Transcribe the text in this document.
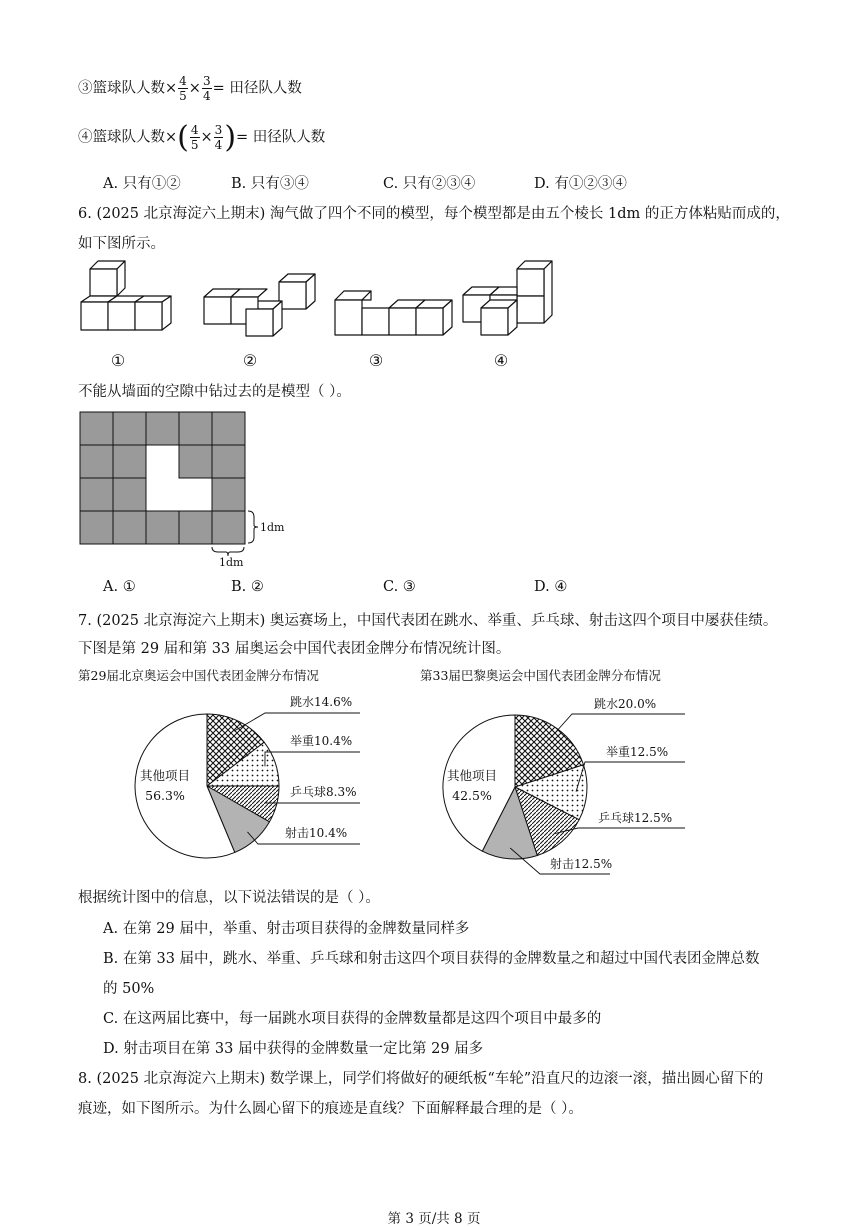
③篮球队人数× $\frac{4}{5} \times \frac{3}{4}$ = 田径队人数
④篮球队人数×( $\frac{4}{5} \times \frac{3}{4}$ )= 田径队人数
A. 只有①②	B. 只有③④	C. 只有②③④	D. 有①②③④
6. (2025 北京海淀六上期末) 淘气做了四个不同的模型，每个模型都是由五个棱长 1dm 的正方体粘贴而成的，
如下图所示。
①	②	③	④
不能从墙面的空隙中钻过去的是模型（ ）。
1dm
1dm
A. ①	B. ②	C. ③	D. ④
7. (2025 北京海淀六上期末) 奥运赛场上，中国代表团在跳水、举重、乒乓球、射击这四个项目中屡获佳绩。
下图是第 29 届和第 33 届奥运会中国代表团金牌分布情况统计图。
第29届北京奥运会中国代表团金牌分布情况	第33届巴黎奥运会中国代表团金牌分布情况
跳水14.6%
举重10.4%
乒乓球8.3%
射击10.4%
其他项目
56.3%
跳水20.0%
举重12.5%
乒乓球12.5%
射击12.5%
其他项目
42.5%
根据统计图中的信息，以下说法错误的是（ ）。
A. 在第 29 届中，举重、射击项目获得的金牌数量同样多
B. 在第 33 届中，跳水、举重、乒乓球和射击这四个项目获得的金牌数量之和超过中国代表团金牌总数
的 50%
C. 在这两届比赛中，每一届跳水项目获得的金牌数量都是这四个项目中最多的
D. 射击项目在第 33 届中获得的金牌数量一定比第 29 届多
8. (2025 北京海淀六上期末) 数学课上，同学们将做好的硬纸板“车轮”沿直尺的边滚一滚，描出圆心留下的
痕迹，如下图所示。为什么圆心留下的痕迹是直线？下面解释最合理的是（ ）。
第 3 页/共 8 页
